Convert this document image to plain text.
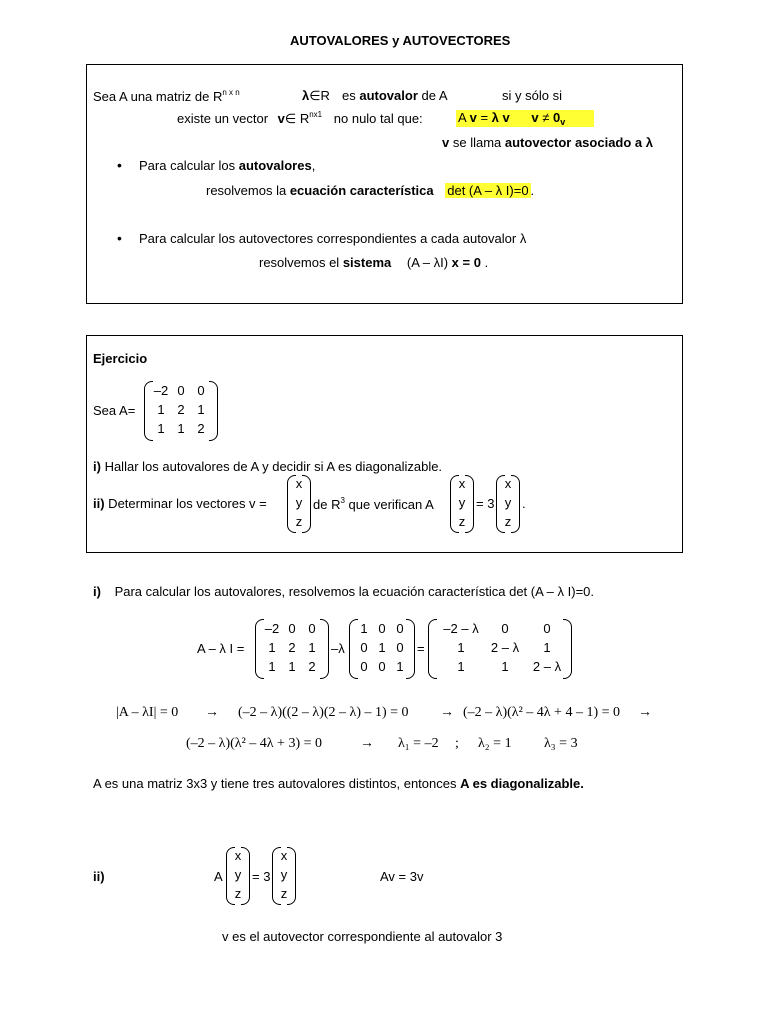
AUTOVALORES y AUTOVECTORES
Sea A una matriz de $R^{n x n}$	λ∈R es autovalor de A	si y sólo si
existe un vector v∈ $R^{nx1}$ no nulo tal que:	A v = λ v $v \ne 0_v$
v se llama autovector asociado a λ
• Para calcular los autovalores,
resolvemos la ecuación característica det (A – λ I)=0 .
• Para calcular los autovectores correspondientes a cada autovalor λ
resolvemos el sistema (A – λI) x = 0 .
Ejercicio
Sea A=
–2 0 0
1 2 1
1 1 2
i) Hallar los autovalores de A y decidir si A es diagonalizable.
ii) Determinar los vectores v =
x
y
z
de $R^3$ que verifican A
x
y
z
= 3
x
y
z
.
i) Para calcular los autovalores, resolvemos la ecuación característica det (A – λ I)=0.
A – λ I =
–2 0 0
1 2 1
1 1 2
–λ
1 0 0
0 1 0
0 0 1
=
–2 – λ	0	0
1	2 – λ	1
1	1	2 – λ
|A – λI| = 0 → (–2 – λ)((2 – λ)(2 – λ) – 1) = 0 → (–2 – λ)(λ² – 4λ + 4 – 1) = 0 →
(–2 – λ)(λ² – 4λ + 3) = 0	→ λ₁ = –2 ; λ₂ = 1 λ₃ = 3
A es una matriz 3x3 y tiene tres autovalores distintos, entonces A es diagonalizable.
ii)	A
x
y
z
= 3
x
y
z
Av = 3v
v es el autovector correspondiente al autovalor 3
